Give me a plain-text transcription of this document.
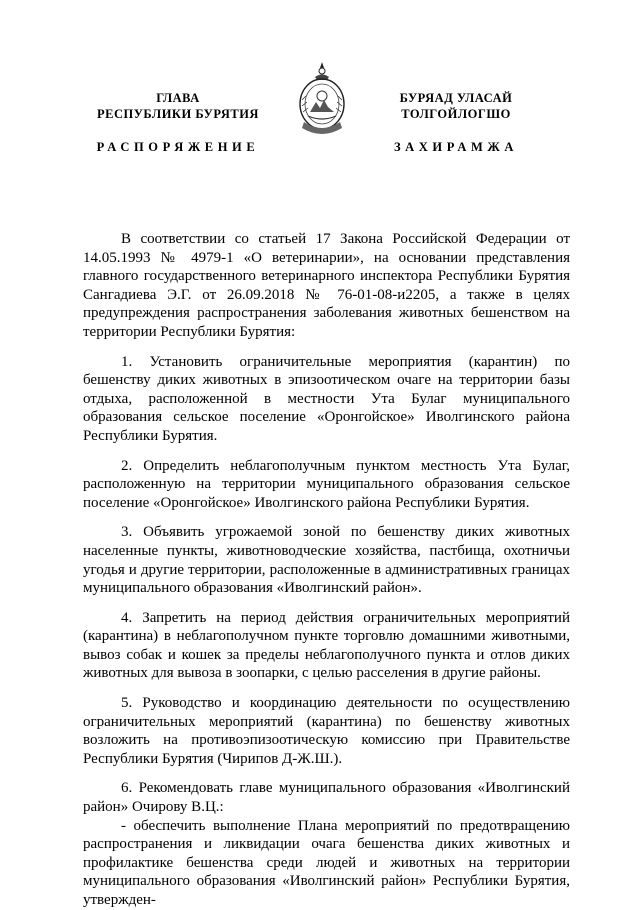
ГЛАВА
РЕСПУБЛИКИ БУРЯТИЯ
БУРЯАД УЛАСАЙ
ТОЛГОЙЛОГШО
РАСПОРЯЖЕНИЕ	ЗАХИРАМЖА

В соответствии со статьей 17 Закона Российской Федерации от 14.05.1993 № 4979-1 «О ветеринарии», на основании представления главного государственного ветеринарного инспектора Республики Бурятия Сангадиева Э.Г. от 26.09.2018 № 76-01-08-и2205, а также в целях предупреждения распространения заболевания животных бешенством на территории Республики Бурятия:

1. Установить ограничительные мероприятия (карантин) по бешенству диких животных в эпизоотическом очаге на территории базы отдыха, расположенной в местности Ута Булаг муниципального образования сельское поселение «Оронгойское» Иволгинского района Республики Бурятия.

2. Определить неблагополучным пунктом местность Ута Булаг, расположенную на территории муниципального образования сельское поселение «Оронгойское» Иволгинского района Республики Бурятия.

3. Объявить угрожаемой зоной по бешенству диких животных населенные пункты, животноводческие хозяйства, пастбища, охотничьи угодья и другие территории, расположенные в административных границах муниципального образования «Иволгинский район».

4. Запретить на период действия ограничительных мероприятий (карантина) в неблагополучном пункте торговлю домашними животными, вывоз собак и кошек за пределы неблагополучного пункта и отлов диких животных для вывоза в зоопарки, с целью расселения в другие районы.

5. Руководство и координацию деятельности по осуществлению ограничительных мероприятий (карантина) по бешенству животных возложить на противоэпизоотическую комиссию при Правительстве Республики Бурятия (Чирипов Д-Ж.Ш.).

6. Рекомендовать главе муниципального образования «Иволгинский район» Очирову В.Ц.:

- обеспечить выполнение Плана мероприятий по предотвращению распространения и ликвидации очага бешенства диких животных и профилактике бешенства среди людей и животных на территории муниципального образования «Иволгинский район» Республики Бурятия, утвержден-
